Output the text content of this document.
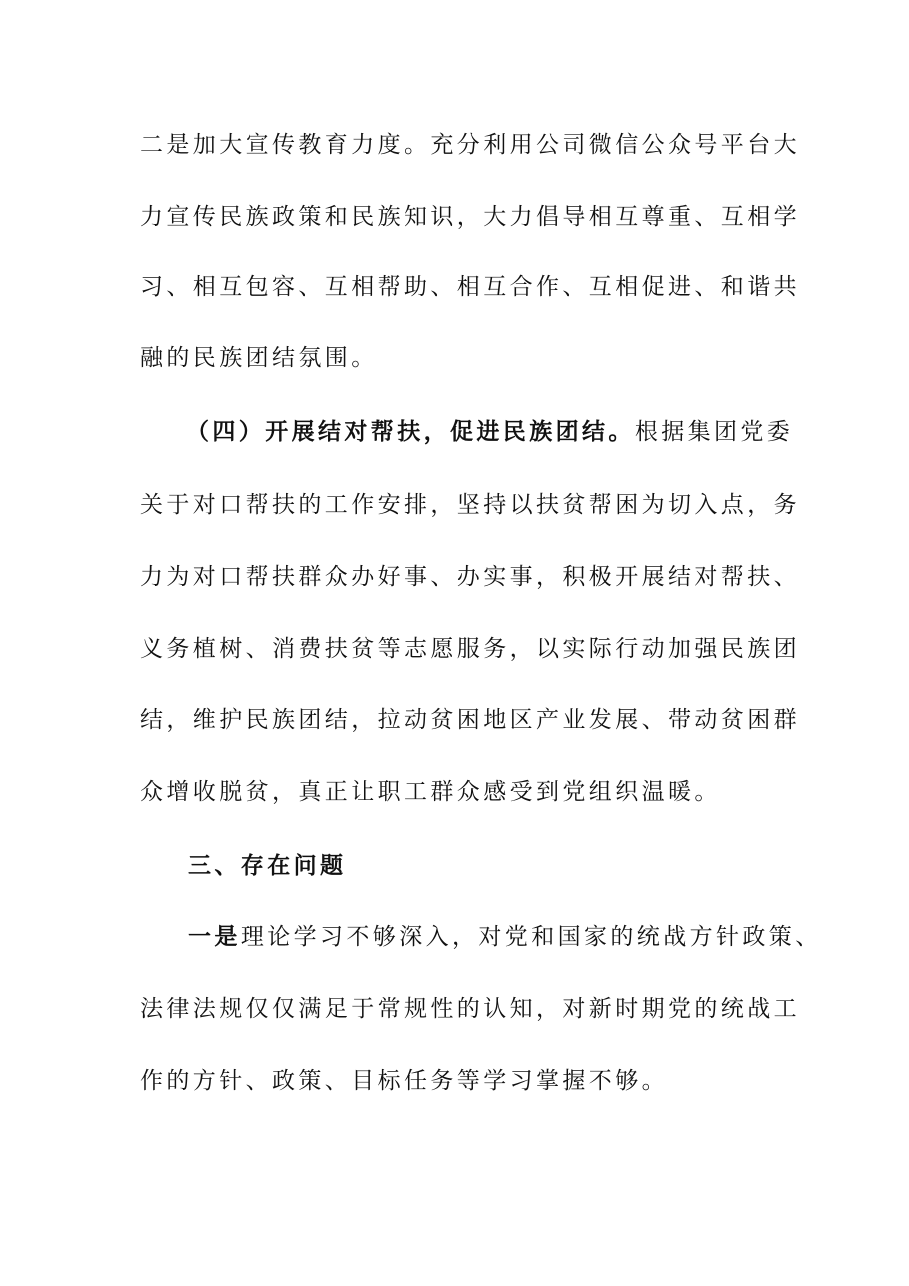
二是加大宣传教育力度。充分利用公司微信公众号平台大
力宣传民族政策和民族知识，大力倡导相互尊重、互相学
习、相互包容、互相帮助、相互合作、互相促进、和谐共
融的民族团结氛围。
（四）开展结对帮扶，促进民族团结。根据集团党委
关于对口帮扶的工作安排，坚持以扶贫帮困为切入点，务
力为对口帮扶群众办好事、办实事，积极开展结对帮扶、
义务植树、消费扶贫等志愿服务，以实际行动加强民族团
结，维护民族团结，拉动贫困地区产业发展、带动贫困群
众增收脱贫，真正让职工群众感受到党组织温暖。
三、存在问题
一是理论学习不够深入，对党和国家的统战方针政策、
法律法规仅仅满足于常规性的认知，对新时期党的统战工
作的方针、政策、目标任务等学习掌握不够。
